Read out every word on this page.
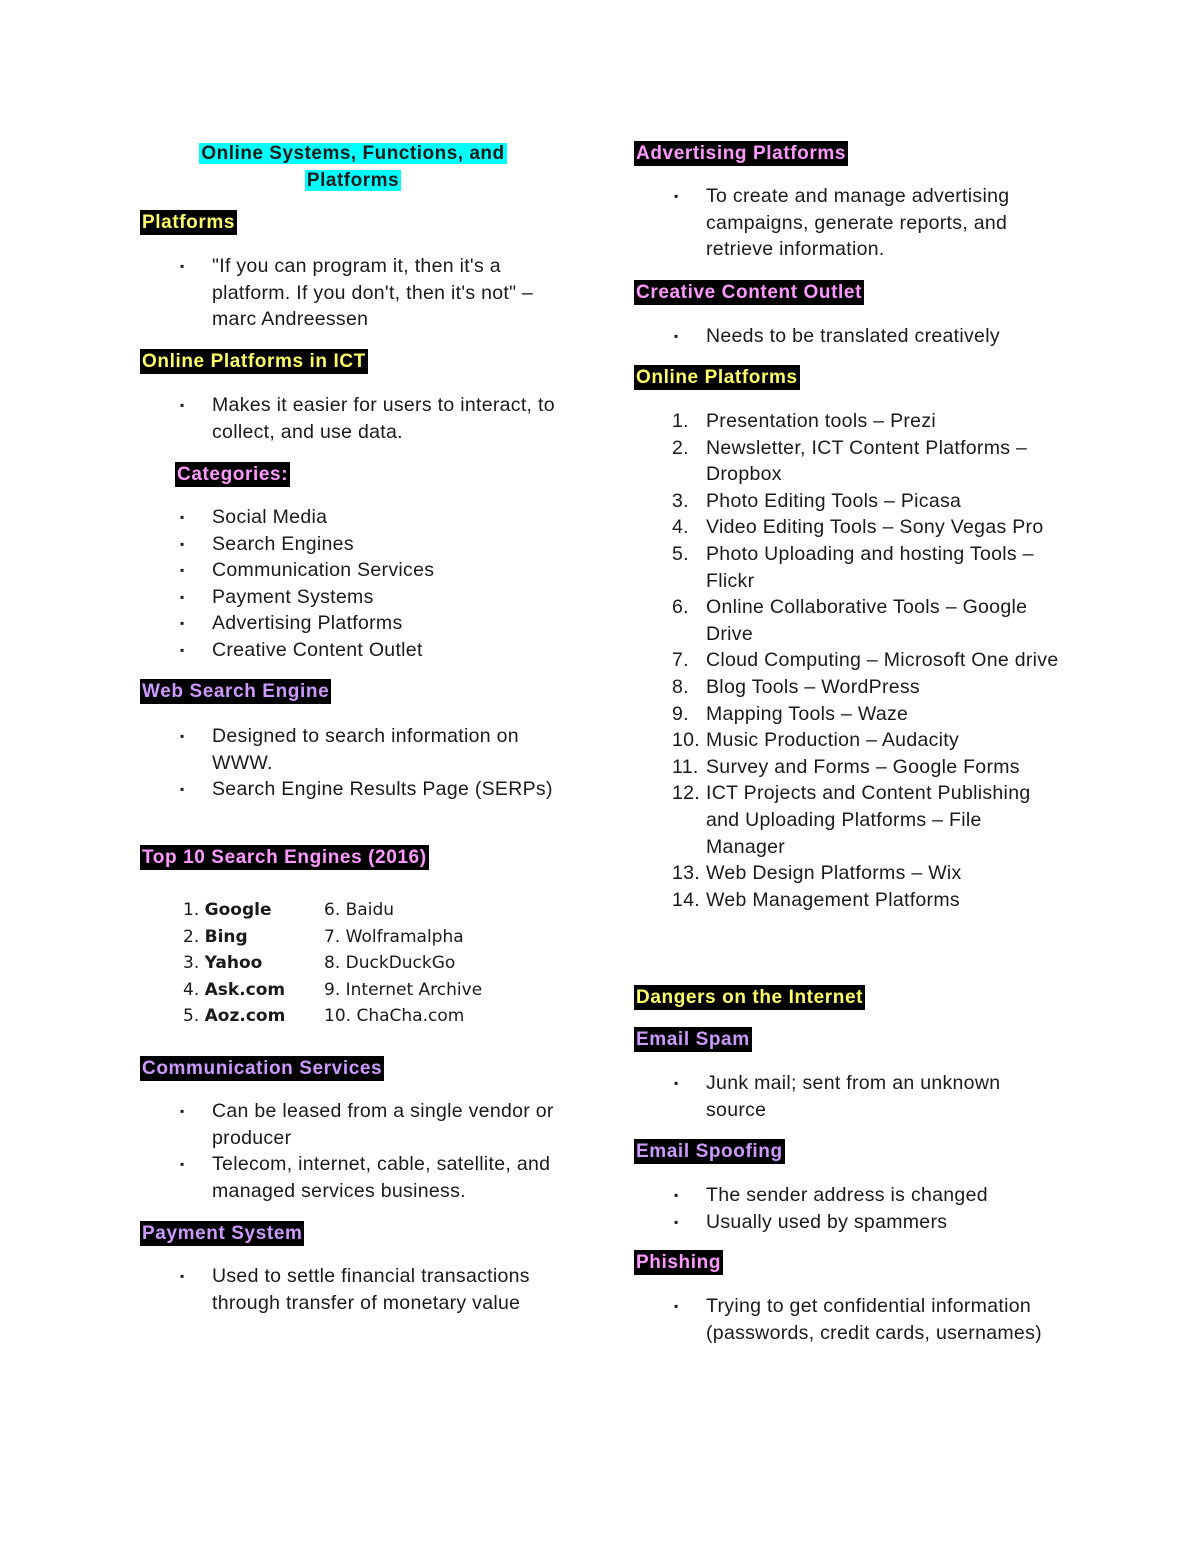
Online Systems, Functions, and
Platforms
Platforms
▪ "If you can program it, then it's a platform. If you don't, then it's not" – marc Andreessen
Online Platforms in ICT
▪ Makes it easier for users to interact, to collect, and use data.
Categories:
▪ Social Media
▪ Search Engines
▪ Communication Services
▪ Payment Systems
▪ Advertising Platforms
▪ Creative Content Outlet
Web Search Engine
▪ Designed to search information on WWW.
▪ Search Engine Results Page (SERPs)
Top 10 Search Engines (2016)
1. Google
2. Bing
3. Yahoo
4. Ask.com
5. Aoz.com
6. Baidu
7. Wolframalpha
8. DuckDuckGo
9. Internet Archive
10. ChaCha.com
Communication Services
▪ Can be leased from a single vendor or producer
▪ Telecom, internet, cable, satellite, and managed services business.
Payment System
▪ Used to settle financial transactions through transfer of monetary value
Advertising Platforms
▪ To create and manage advertising campaigns, generate reports, and retrieve information.
Creative Content Outlet
▪ Needs to be translated creatively
Online Platforms
1. Presentation tools – Prezi
2. Newsletter, ICT Content Platforms – Dropbox
3. Photo Editing Tools – Picasa
4. Video Editing Tools – Sony Vegas Pro
5. Photo Uploading and hosting Tools – Flickr
6. Online Collaborative Tools – Google Drive
7. Cloud Computing – Microsoft One drive
8. Blog Tools – WordPress
9. Mapping Tools – Waze
10. Music Production – Audacity
11. Survey and Forms – Google Forms
12. ICT Projects and Content Publishing and Uploading Platforms – File Manager
13. Web Design Platforms – Wix
14. Web Management Platforms
Dangers on the Internet
Email Spam
▪ Junk mail; sent from an unknown source
Email Spoofing
▪ The sender address is changed
▪ Usually used by spammers
Phishing
▪ Trying to get confidential information (passwords, credit cards, usernames)
